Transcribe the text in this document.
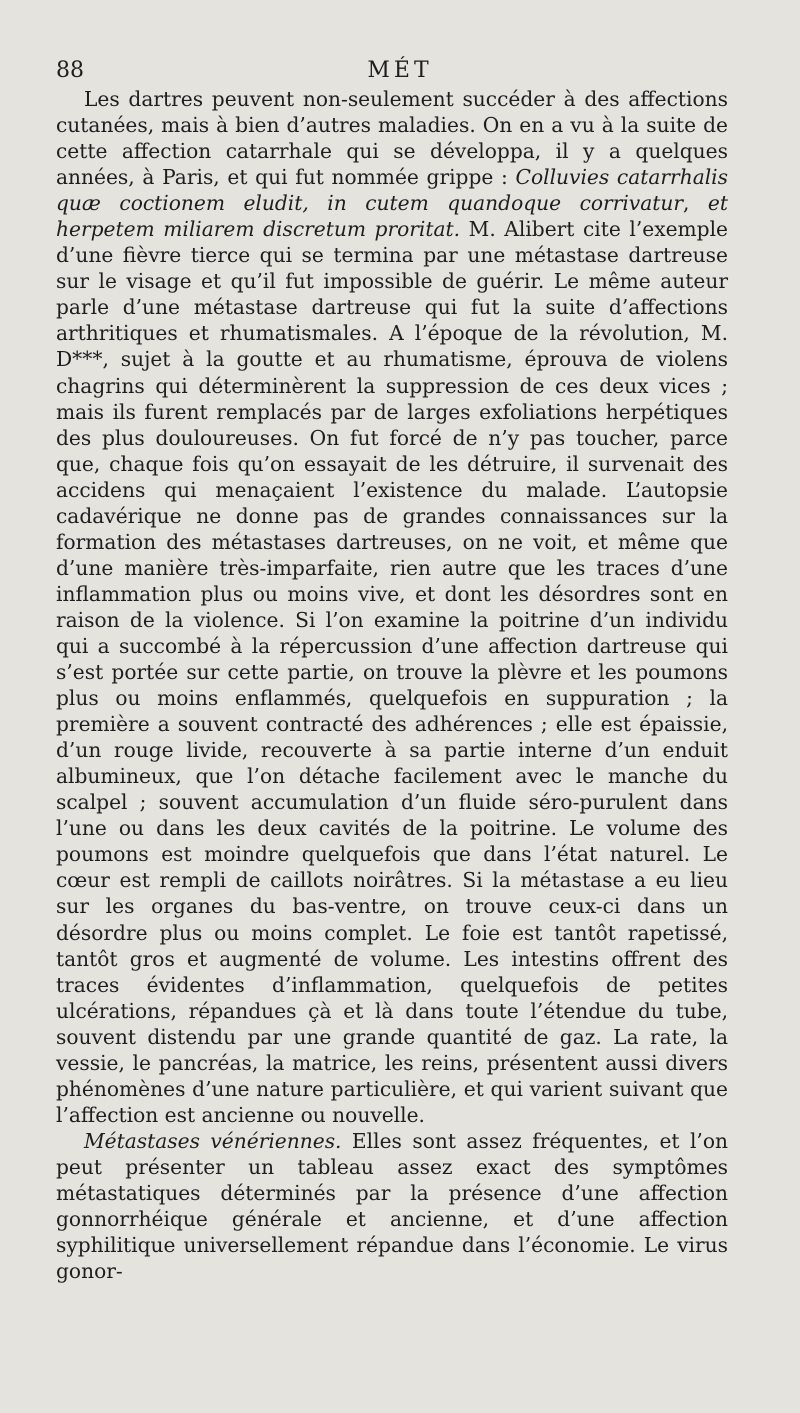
88	MÉT

Les dartres peuvent non-seulement succéder à des affections cutanées, mais à bien d’autres maladies. On en a vu à la suite de cette affection catarrhale qui se développa, il y a quelques années, à Paris, et qui fut nommée grippe : Colluvies catarrhalis quæ coctionem eludit, in cutem quandoque corrivatur, et herpetem miliarem discretum proritat. M. Alibert cite l’exemple d’une fièvre tierce qui se termina par une métastase dartreuse sur le visage et qu’il fut impossible de guérir. Le même auteur parle d’une métastase dartreuse qui fut la suite d’affections arthritiques et rhumatismales. A l’époque de la révolution, M. D***, sujet à la goutte et au rhumatisme, éprouva de violens chagrins qui déterminèrent la suppression de ces deux vices ; mais ils furent remplacés par de larges exfoliations herpétiques des plus douloureuses. On fut forcé de n’y pas toucher, parce que, chaque fois qu’on essayait de les détruire, il survenait des accidens qui menaçaient l’existence du malade. L’autopsie cadavérique ne donne pas de grandes connaissances sur la formation des métastases dartreuses, on ne voit, et même que d’une manière très-imparfaite, rien autre que les traces d’une inflammation plus ou moins vive, et dont les désordres sont en raison de la violence. Si l’on examine la poitrine d’un individu qui a succombé à la répercussion d’une affection dartreuse qui s’est portée sur cette partie, on trouve la plèvre et les poumons plus ou moins enflammés, quelquefois en suppuration ; la première a souvent contracté des adhérences ; elle est épaissie, d’un rouge livide, recouverte à sa partie interne d’un enduit albumineux, que l’on détache facilement avec le manche du scalpel ; souvent accumulation d’un fluide séro-purulent dans l’une ou dans les deux cavités de la poitrine. Le volume des poumons est moindre quelquefois que dans l’état naturel. Le cœur est rempli de caillots noirâtres. Si la métastase a eu lieu sur les organes du bas-ventre, on trouve ceux-ci dans un désordre plus ou moins complet. Le foie est tantôt rapetissé, tantôt gros et augmenté de volume. Les intestins offrent des traces évidentes d’inflammation, quelquefois de petites ulcérations, répandues çà et là dans toute l’étendue du tube, souvent distendu par une grande quantité de gaz. La rate, la vessie, le pancréas, la matrice, les reins, présentent aussi divers phénomènes d’une nature particulière, et qui varient suivant que l’affection est ancienne ou nouvelle.

Métastases vénériennes. Elles sont assez fréquentes, et l’on peut présenter un tableau assez exact des symptômes métastatiques déterminés par la présence d’une affection gonnorrhéique générale et ancienne, et d’une affection syphilitique universellement répandue dans l’économie. Le virus gonor-
